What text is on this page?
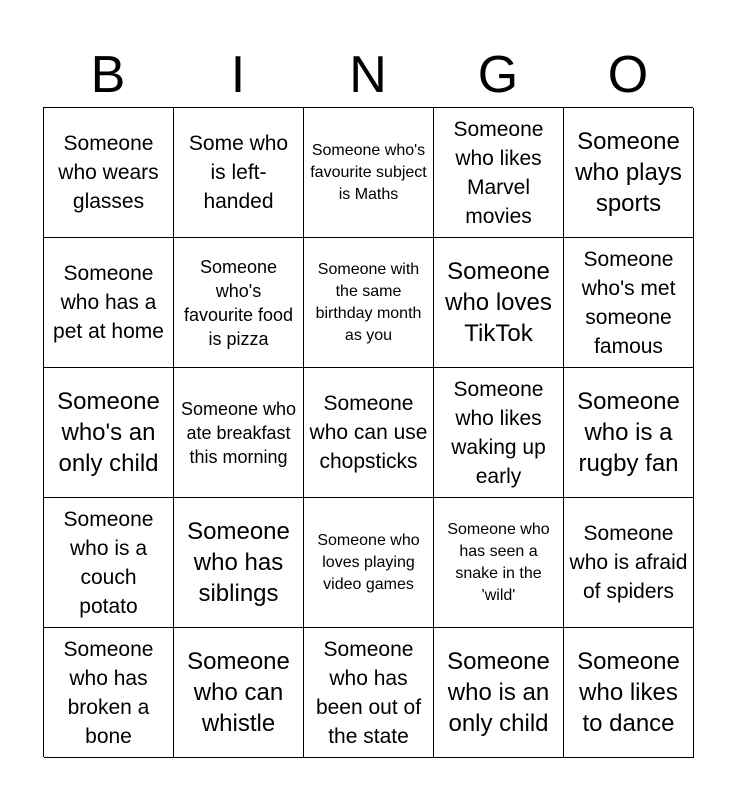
B	I	N	G	O
Someone who wears glasses
Some who is left-handed
Someone who's favourite subject is Maths
Someone who likes Marvel movies
Someone who plays sports
Someone who has a pet at home
Someone who's favourite food is pizza
Someone with the same birthday month as you
Someone who loves TikTok
Someone who's met someone famous
Someone who's an only child
Someone who ate breakfast this morning
Someone who can use chopsticks
Someone who likes waking up early
Someone who is a rugby fan
Someone who is a couch potato
Someone who has siblings
Someone who loves playing video games
Someone who has seen a snake in the 'wild'
Someone who is afraid of spiders
Someone who has broken a bone
Someone who can whistle
Someone who has been out of the state
Someone who is an only child
Someone who likes to dance
